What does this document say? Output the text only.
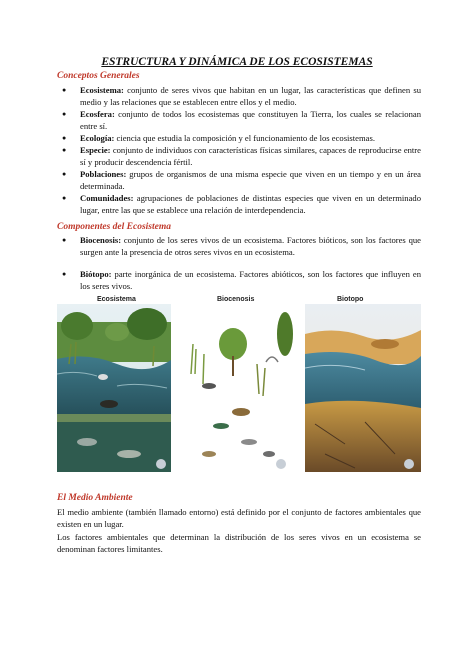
ESTRUCTURA Y DINÁMICA DE LOS ECOSISTEMAS
Conceptos Generales
● Ecosistema: conjunto de seres vivos que habitan en un lugar, las características que definen su medio y las relaciones que se establecen entre ellos y el medio.
● Ecosfera: conjunto de todos los ecosistemas que constituyen la Tierra, los cuales se relacionan entre sí.
● Ecología: ciencia que estudia la composición y el funcionamiento de los ecosistemas.
● Especie: conjunto de individuos con características físicas similares, capaces de reproducirse entre sí y producir descendencia fértil.
● Poblaciones: grupos de organismos de una misma especie que viven en un tiempo y en un área determinada.
● Comunidades: agrupaciones de poblaciones de distintas especies que viven en un determinado lugar, entre las que se establece una relación de interdependencia.
Componentes del Ecosistema
● Biocenosis: conjunto de los seres vivos de un ecosistema. Factores bióticos, son los factores que surgen ante la presencia de otros seres vivos en un ecosistema.
● Biótopo: parte inorgánica de un ecosistema. Factores abióticos, son los factores que influyen en los seres vivos.
Ecosistema	Biocenosis	Biotopo
El Medio Ambiente

El medio ambiente (también llamado entorno) está definido por el conjunto de factores ambientales que existen en un lugar.

Los factores ambientales que determinan la distribución de los seres vivos en un ecosistema se denominan factores limitantes.
